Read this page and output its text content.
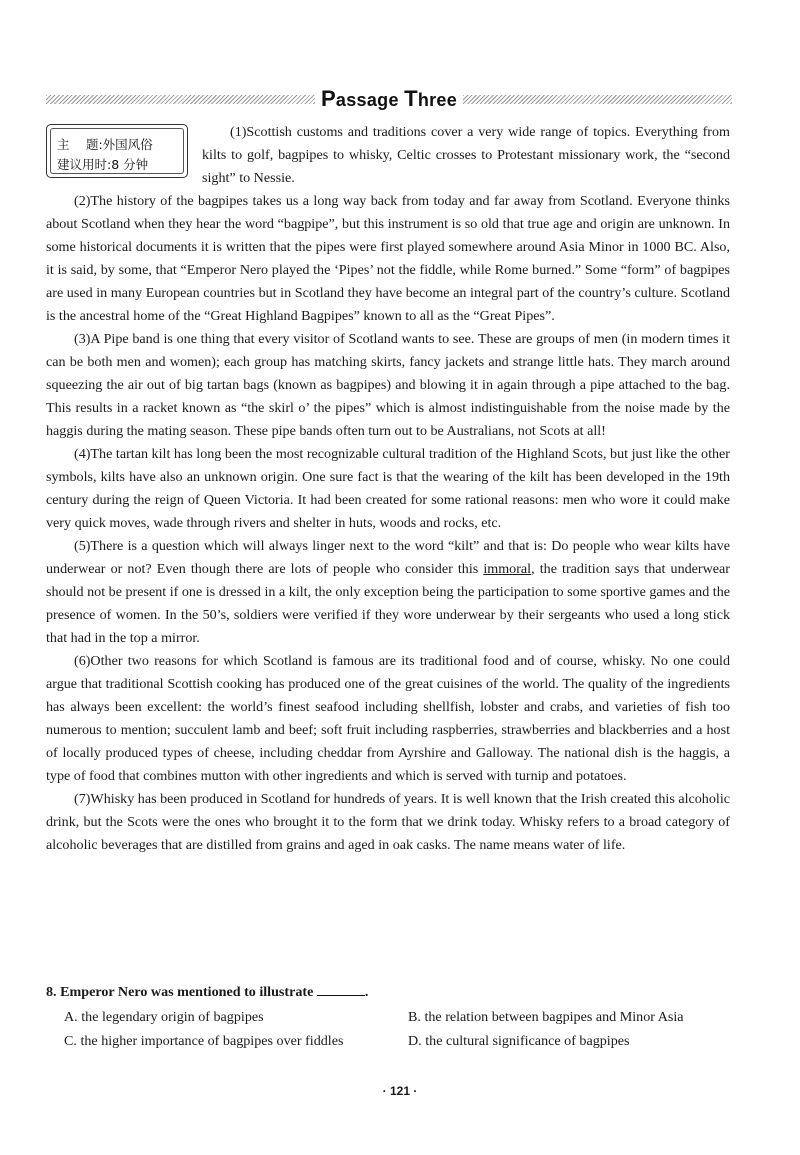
Passage Three
主　 题:外国风俗
建议用时:8 分钟

(1)Scottish customs and traditions cover a very wide range of topics. Everything from kilts to golf, bagpipes to whisky, Celtic crosses to Protestant missionary work, the “second sight” to Nessie.

(2)The history of the bagpipes takes us a long way back from today and far away from Scotland. Everyone thinks about Scotland when they hear the word “bagpipe”, but this instrument is so old that true age and origin are unknown. In some historical documents it is written that the pipes were first played somewhere around Asia Minor in 1000 BC. Also, it is said, by some, that “Emperor Nero played the ‘Pipes’ not the fiddle, while Rome burned.” Some “form” of bagpipes are used in many European countries but in Scotland they have become an integral part of the country’s culture. Scotland is the ancestral home of the “Great Highland Bagpipes” known to all as the “Great Pipes”.

(3)A Pipe band is one thing that every visitor of Scotland wants to see. These are groups of men (in modern times it can be both men and women); each group has matching skirts, fancy jackets and strange little hats. They march around squeezing the air out of big tartan bags (known as bagpipes) and blowing it in again through a pipe attached to the bag. This results in a racket known as “the skirl o’ the pipes” which is almost indistinguishable from the noise made by the haggis during the mating season. These pipe bands often turn out to be Australians, not Scots at all!

(4)The tartan kilt has long been the most recognizable cultural tradition of the Highland Scots, but just like the other symbols, kilts have also an unknown origin. One sure fact is that the wearing of the kilt has been developed in the 19th century during the reign of Queen Victoria. It had been created for some rational reasons: men who wore it could make very quick moves, wade through rivers and shelter in huts, woods and rocks, etc.

(5)There is a question which will always linger next to the word “kilt” and that is: Do people who wear kilts have underwear or not? Even though there are lots of people who consider this immoral, the tradition says that underwear should not be present if one is dressed in a kilt, the only exception being the participation to some sportive games and the presence of women. In the 50’s, soldiers were verified if they wore underwear by their sergeants who used a long stick that had in the top a mirror.

(6)Other two reasons for which Scotland is famous are its traditional food and of course, whisky. No one could argue that traditional Scottish cooking has produced one of the great cuisines of the world. The quality of the ingredients has always been excellent: the world’s finest seafood including shellfish, lobster and crabs, and varieties of fish too numerous to mention; succulent lamb and beef; soft fruit including raspberries, strawberries and blackberries and a host of locally produced types of cheese, including cheddar from Ayrshire and Galloway. The national dish is the haggis, a type of food that combines mutton with other ingredients and which is served with turnip and potatoes.

(7)Whisky has been produced in Scotland for hundreds of years. It is well known that the Irish created this alcoholic drink, but the Scots were the ones who brought it to the form that we drink today. Whisky refers to a broad category of alcoholic beverages that are distilled from grains and aged in oak casks. The name means water of life.

8. Emperor Nero was mentioned to illustrate	.
A. the legendary origin of bagpipes	B. the relation between bagpipes and Minor Asia
C. the higher importance of bagpipes over fiddles	D. the cultural significance of bagpipes
· 121 ·
